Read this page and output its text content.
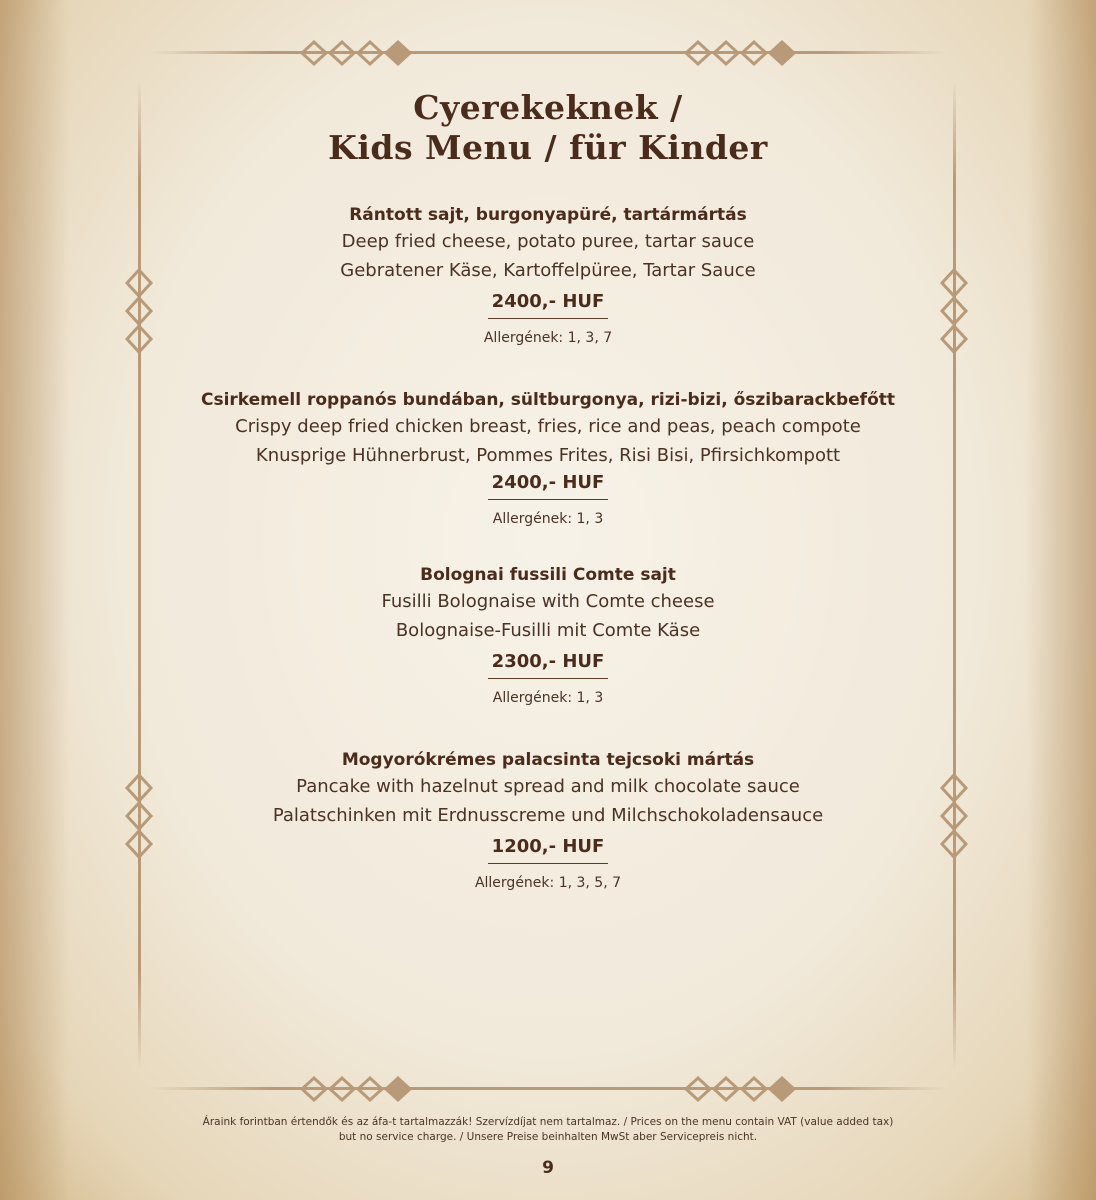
Cyerekeknek /
Kids Menu / für Kinder
Rántott sajt, burgonyapüré, tartármártás
Deep fried cheese, potato puree, tartar sauce
Gebratener Käse, Kartoffelpüree, Tartar Sauce
2400,- HUF
Allergének: 1, 3, 7
Csirkemell roppanós bundában, sültburgonya, rizi-bizi, őszibarackbefőtt
Crispy deep fried chicken breast, fries, rice and peas, peach compote
Knusprige Hühnerbrust, Pommes Frites, Risi Bisi, Pfirsichkompott
2400,- HUF
Allergének: 1, 3
Bolognai fussili Comte sajt
Fusilli Bolognaise with Comte cheese
Bolognaise-Fusilli mit Comte Käse
2300,- HUF
Allergének: 1, 3
Mogyorókrémes palacsinta tejcsoki mártás
Pancake with hazelnut spread and milk chocolate sauce
Palatschinken mit Erdnusscreme und Milchschokoladensauce
1200,- HUF
Allergének: 1, 3, 5, 7
Áraink forintban értendők és az áfa-t tartalmazzák! Szervízdíjat nem tartalmaz. / Prices on the menu contain VAT (value added tax)
but no service charge. / Unsere Preise beinhalten MwSt aber Servicepreis nicht.
9
